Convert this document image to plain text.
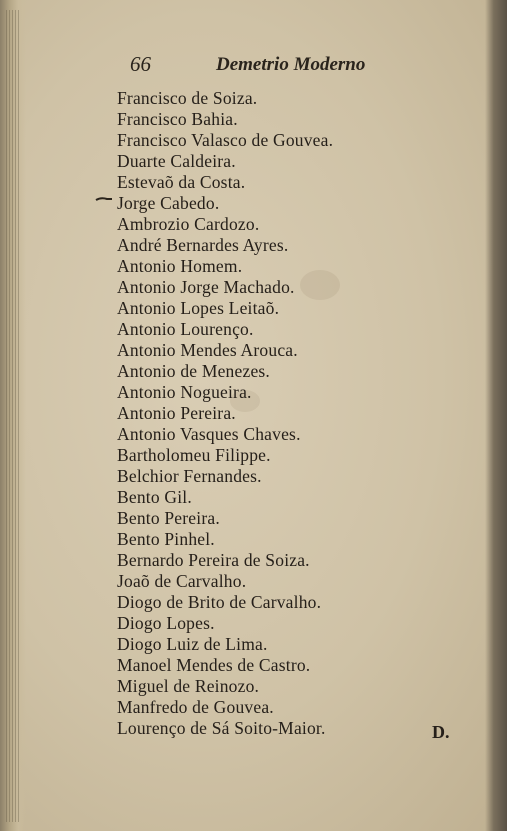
66	Demetrio Moderno
Francisco de Soiza.
Francisco Bahia.
Francisco Valasco de Gouvea.
Duarte Caldeira.
Estevaõ da Costa.
Jorge Cabedo.
Ambrozio Cardozo.
André Bernardes Ayres.
Antonio Homem.
Antonio Jorge Machado.
Antonio Lopes Leitaõ.
Antonio Lourenço.
Antonio Mendes Arouca.
Antonio de Menezes.
Antonio Nogueira.
Antonio Pereira.
Antonio Vasques Chaves.
Bartholomeu Filippe.
Belchior Fernandes.
Bento Gil.
Bento Pereira.
Bento Pinhel.
Bernardo Pereira de Soiza.
Joaõ de Carvalho.
Diogo de Brito de Carvalho.
Diogo Lopes.
Diogo Luiz de Lima.
Manoel Mendes de Castro.
Miguel de Reinozo.
Manfredo de Gouvea.
Lourenço de Sá Soito-Maior.	D.
